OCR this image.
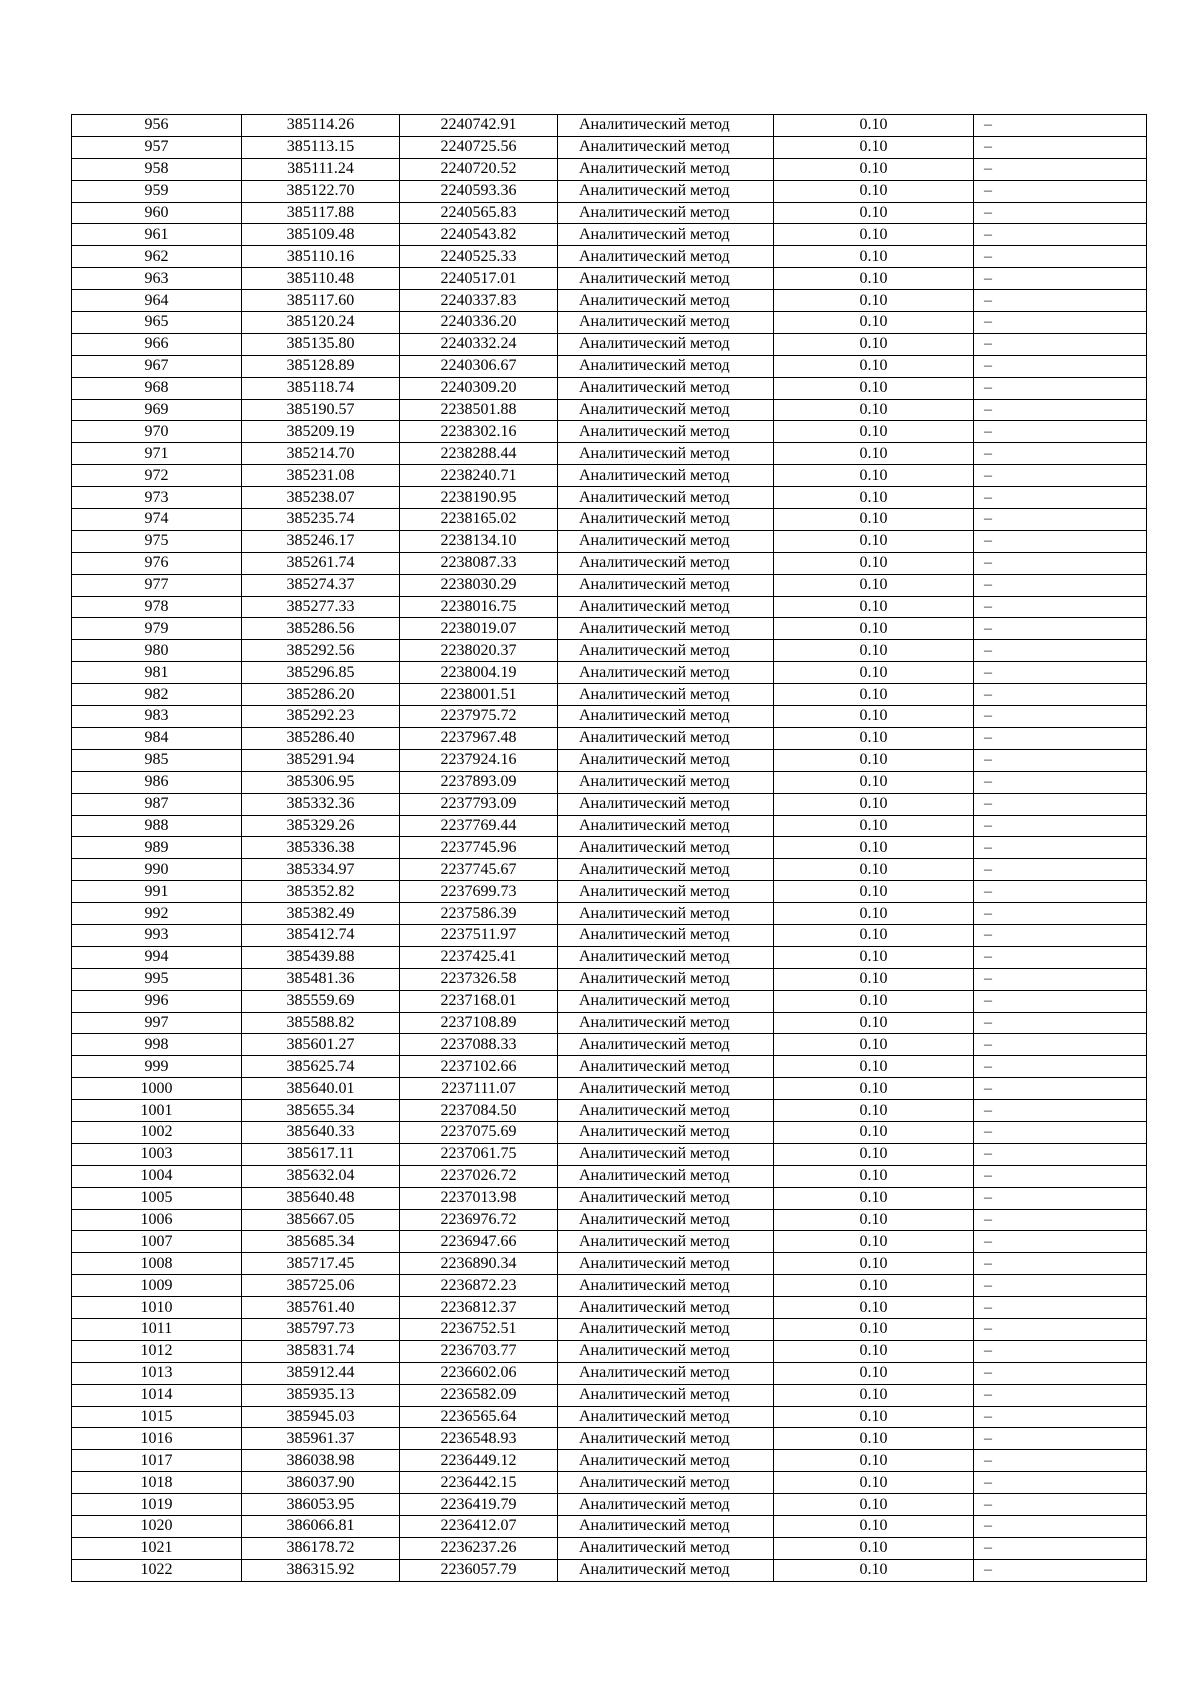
956	385114.26	2240742.91	Аналитический метод	0.10	–
957	385113.15	2240725.56	Аналитический метод	0.10	–
958	385111.24	2240720.52	Аналитический метод	0.10	–
959	385122.70	2240593.36	Аналитический метод	0.10	–
960	385117.88	2240565.83	Аналитический метод	0.10	–
961	385109.48	2240543.82	Аналитический метод	0.10	–
962	385110.16	2240525.33	Аналитический метод	0.10	–
963	385110.48	2240517.01	Аналитический метод	0.10	–
964	385117.60	2240337.83	Аналитический метод	0.10	–
965	385120.24	2240336.20	Аналитический метод	0.10	–
966	385135.80	2240332.24	Аналитический метод	0.10	–
967	385128.89	2240306.67	Аналитический метод	0.10	–
968	385118.74	2240309.20	Аналитический метод	0.10	–
969	385190.57	2238501.88	Аналитический метод	0.10	–
970	385209.19	2238302.16	Аналитический метод	0.10	–
971	385214.70	2238288.44	Аналитический метод	0.10	–
972	385231.08	2238240.71	Аналитический метод	0.10	–
973	385238.07	2238190.95	Аналитический метод	0.10	–
974	385235.74	2238165.02	Аналитический метод	0.10	–
975	385246.17	2238134.10	Аналитический метод	0.10	–
976	385261.74	2238087.33	Аналитический метод	0.10	–
977	385274.37	2238030.29	Аналитический метод	0.10	–
978	385277.33	2238016.75	Аналитический метод	0.10	–
979	385286.56	2238019.07	Аналитический метод	0.10	–
980	385292.56	2238020.37	Аналитический метод	0.10	–
981	385296.85	2238004.19	Аналитический метод	0.10	–
982	385286.20	2238001.51	Аналитический метод	0.10	–
983	385292.23	2237975.72	Аналитический метод	0.10	–
984	385286.40	2237967.48	Аналитический метод	0.10	–
985	385291.94	2237924.16	Аналитический метод	0.10	–
986	385306.95	2237893.09	Аналитический метод	0.10	–
987	385332.36	2237793.09	Аналитический метод	0.10	–
988	385329.26	2237769.44	Аналитический метод	0.10	–
989	385336.38	2237745.96	Аналитический метод	0.10	–
990	385334.97	2237745.67	Аналитический метод	0.10	–
991	385352.82	2237699.73	Аналитический метод	0.10	–
992	385382.49	2237586.39	Аналитический метод	0.10	–
993	385412.74	2237511.97	Аналитический метод	0.10	–
994	385439.88	2237425.41	Аналитический метод	0.10	–
995	385481.36	2237326.58	Аналитический метод	0.10	–
996	385559.69	2237168.01	Аналитический метод	0.10	–
997	385588.82	2237108.89	Аналитический метод	0.10	–
998	385601.27	2237088.33	Аналитический метод	0.10	–
999	385625.74	2237102.66	Аналитический метод	0.10	–
1000	385640.01	2237111.07	Аналитический метод	0.10	–
1001	385655.34	2237084.50	Аналитический метод	0.10	–
1002	385640.33	2237075.69	Аналитический метод	0.10	–
1003	385617.11	2237061.75	Аналитический метод	0.10	–
1004	385632.04	2237026.72	Аналитический метод	0.10	–
1005	385640.48	2237013.98	Аналитический метод	0.10	–
1006	385667.05	2236976.72	Аналитический метод	0.10	–
1007	385685.34	2236947.66	Аналитический метод	0.10	–
1008	385717.45	2236890.34	Аналитический метод	0.10	–
1009	385725.06	2236872.23	Аналитический метод	0.10	–
1010	385761.40	2236812.37	Аналитический метод	0.10	–
1011	385797.73	2236752.51	Аналитический метод	0.10	–
1012	385831.74	2236703.77	Аналитический метод	0.10	–
1013	385912.44	2236602.06	Аналитический метод	0.10	–
1014	385935.13	2236582.09	Аналитический метод	0.10	–
1015	385945.03	2236565.64	Аналитический метод	0.10	–
1016	385961.37	2236548.93	Аналитический метод	0.10	–
1017	386038.98	2236449.12	Аналитический метод	0.10	–
1018	386037.90	2236442.15	Аналитический метод	0.10	–
1019	386053.95	2236419.79	Аналитический метод	0.10	–
1020	386066.81	2236412.07	Аналитический метод	0.10	–
1021	386178.72	2236237.26	Аналитический метод	0.10	–
1022	386315.92	2236057.79	Аналитический метод	0.10	–
